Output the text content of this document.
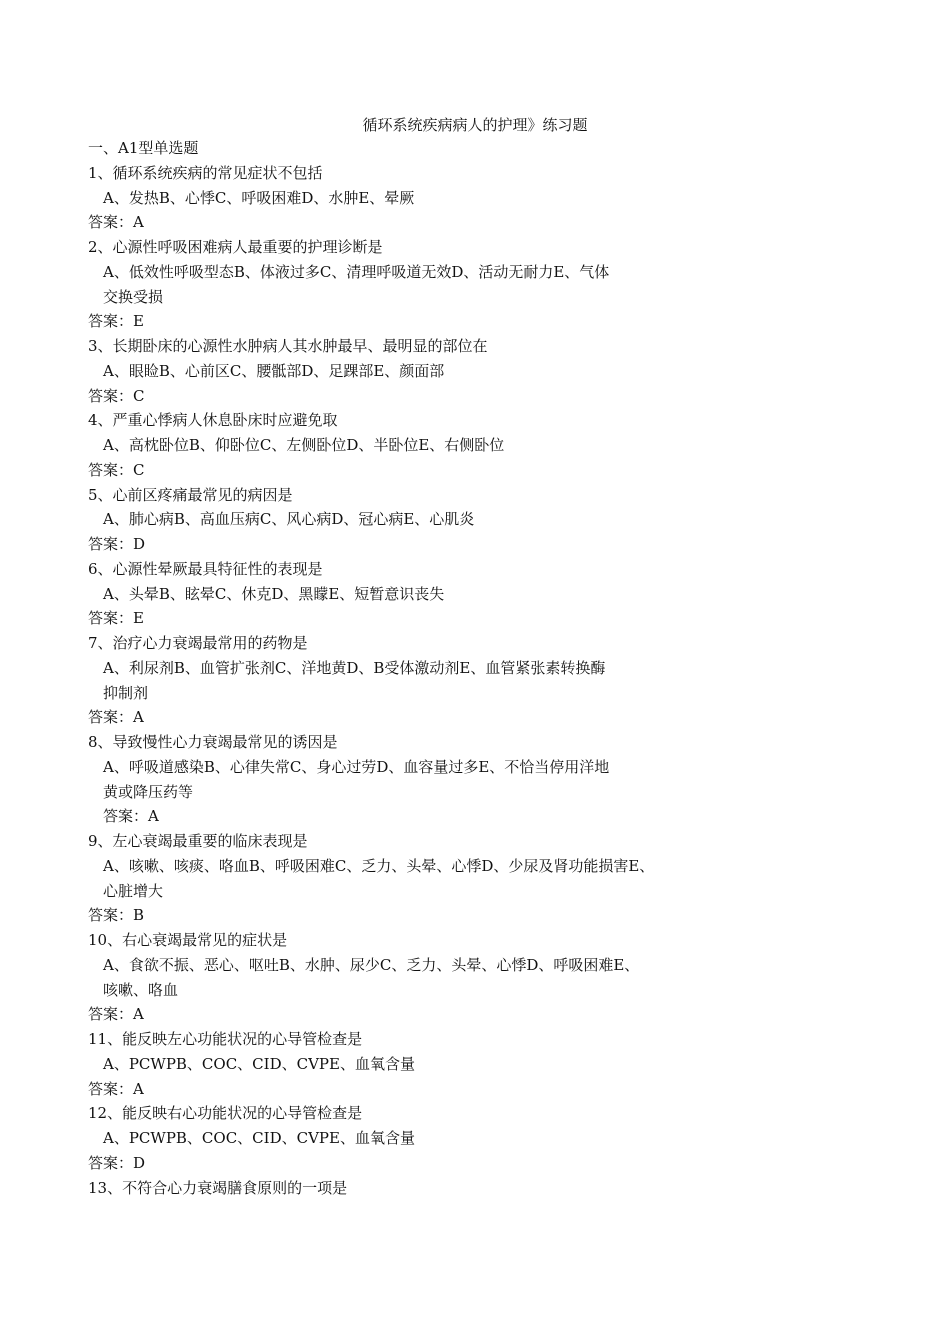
循环系统疾病病人的护理》练习题
一、A1型单选题
1、循环系统疾病的常见症状不包括
A、发热B、心悸C、呼吸困难D、水肿E、晕厥
答案：A
2、心源性呼吸困难病人最重要的护理诊断是
A、低效性呼吸型态B、体液过多C、清理呼吸道无效D、活动无耐力E、气体
交换受损
答案：E
3、长期卧床的心源性水肿病人其水肿最早、最明显的部位在
A、眼睑B、心前区C、腰骶部D、足踝部E、颜面部
答案：C
4、严重心悸病人休息卧床时应避免取
A、高枕卧位B、仰卧位C、左侧卧位D、半卧位E、右侧卧位
答案：C
5、心前区疼痛最常见的病因是
A、肺心病B、高血压病C、风心病D、冠心病E、心肌炎
答案：D
6、心源性晕厥最具特征性的表现是
A、头晕B、眩晕C、休克D、黑矇E、短暂意识丧失
答案：E
7、治疗心力衰竭最常用的药物是
A、利尿剂B、血管扩张剂C、洋地黄D、B受体激动剂E、血管紧张素转换酶
抑制剂
答案：A
8、导致慢性心力衰竭最常见的诱因是
A、呼吸道感染B、心律失常C、身心过劳D、血容量过多E、不恰当停用洋地
黄或降压药等
答案：A
9、左心衰竭最重要的临床表现是
A、咳嗽、咳痰、咯血B、呼吸困难C、乏力、头晕、心悸D、少尿及肾功能损害E、
心脏增大
答案：B
10、右心衰竭最常见的症状是
A、食欲不振、恶心、呕吐B、水肿、尿少C、乏力、头晕、心悸D、呼吸困难E、
咳嗽、咯血
答案：A
11、能反映左心功能状况的心导管检查是
A、PCWPB、COC、CID、CVPE、血氧含量
答案：A
12、能反映右心功能状况的心导管检查是
A、PCWPB、COC、CID、CVPE、血氧含量
答案：D
13、不符合心力衰竭膳食原则的一项是
